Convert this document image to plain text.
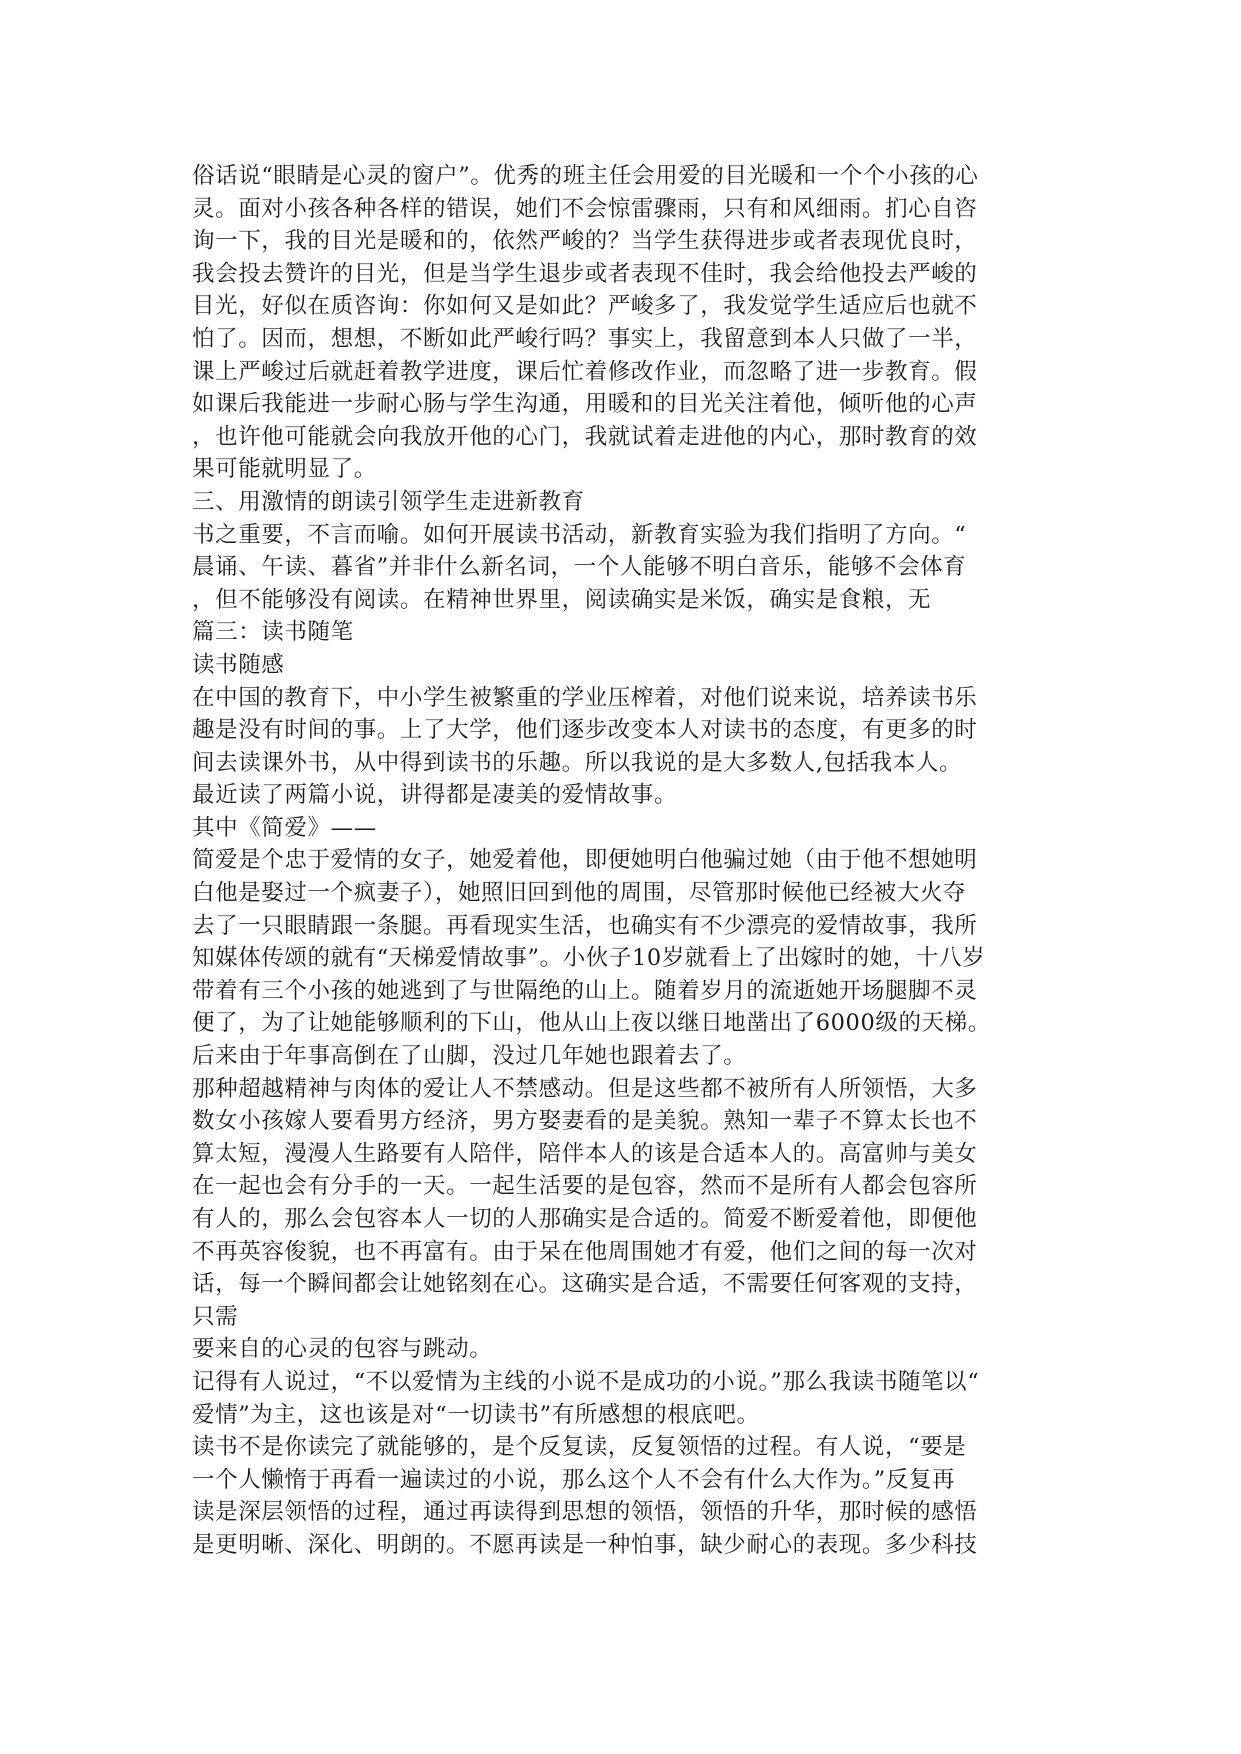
俗话说“眼睛是心灵的窗户”。优秀的班主任会用爱的目光暖和一个个小孩的心
灵。面对小孩各种各样的错误，她们不会惊雷骤雨，只有和风细雨。扪心自咨
询一下，我的目光是暖和的，依然严峻的？当学生获得进步或者表现优良时，
我会投去赞许的目光，但是当学生退步或者表现不佳时，我会给他投去严峻的
目光，好似在质咨询：你如何又是如此？严峻多了，我发觉学生适应后也就不
怕了。因而，想想，不断如此严峻行吗？事实上，我留意到本人只做了一半，
课上严峻过后就赶着教学进度，课后忙着修改作业，而忽略了进一步教育。假
如课后我能进一步耐心肠与学生沟通，用暖和的目光关注着他，倾听他的心声
，也许他可能就会向我放开他的心门，我就试着走进他的内心，那时教育的效
果可能就明显了。
三、用激情的朗读引领学生走进新教育
书之重要，不言而喻。如何开展读书活动，新教育实验为我们指明了方向。“
晨诵、午读、暮省”并非什么新名词，一个人能够不明白音乐，能够不会体育
，但不能够没有阅读。在精神世界里，阅读确实是米饭，确实是食粮，无
篇三：读书随笔
读书随感
在中国的教育下，中小学生被繁重的学业压榨着，对他们说来说，培养读书乐
趣是没有时间的事。上了大学，他们逐步改变本人对读书的态度，有更多的时
间去读课外书，从中得到读书的乐趣。所以我说的是大多数人,包括我本人。
最近读了两篇小说，讲得都是凄美的爱情故事。
其中《简爱》——
简爱是个忠于爱情的女子，她爱着他，即便她明白他骗过她（由于他不想她明
白他是娶过一个疯妻子），她照旧回到他的周围，尽管那时候他已经被大火夺
去了一只眼睛跟一条腿。再看现实生活，也确实有不少漂亮的爱情故事，我所
知媒体传颂的就有“天梯爱情故事”。小伙子10岁就看上了出嫁时的她，十八岁
带着有三个小孩的她逃到了与世隔绝的山上。随着岁月的流逝她开场腿脚不灵
便了，为了让她能够顺利的下山，他从山上夜以继日地凿出了6000级的天梯。
后来由于年事高倒在了山脚，没过几年她也跟着去了。
那种超越精神与肉体的爱让人不禁感动。但是这些都不被所有人所领悟，大多
数女小孩嫁人要看男方经济，男方娶妻看的是美貌。熟知一辈子不算太长也不
算太短，漫漫人生路要有人陪伴，陪伴本人的该是合适本人的。高富帅与美女
在一起也会有分手的一天。一起生活要的是包容，然而不是所有人都会包容所
有人的，那么会包容本人一切的人那确实是合适的。简爱不断爱着他，即便他
不再英容俊貌，也不再富有。由于呆在他周围她才有爱，他们之间的每一次对
话，每一个瞬间都会让她铭刻在心。这确实是合适，不需要任何客观的支持，
只需
要来自的心灵的包容与跳动。
记得有人说过，“不以爱情为主线的小说不是成功的小说。”那么我读书随笔以“
爱情”为主，这也该是对“一切读书”有所感想的根底吧。
读书不是你读完了就能够的，是个反复读，反复领悟的过程。有人说，“要是
一个人懒惰于再看一遍读过的小说，那么这个人不会有什么大作为。”反复再
读是深层领悟的过程，通过再读得到思想的领悟，领悟的升华，那时候的感悟
是更明晰、深化、明朗的。不愿再读是一种怕事，缺少耐心的表现。多少科技
